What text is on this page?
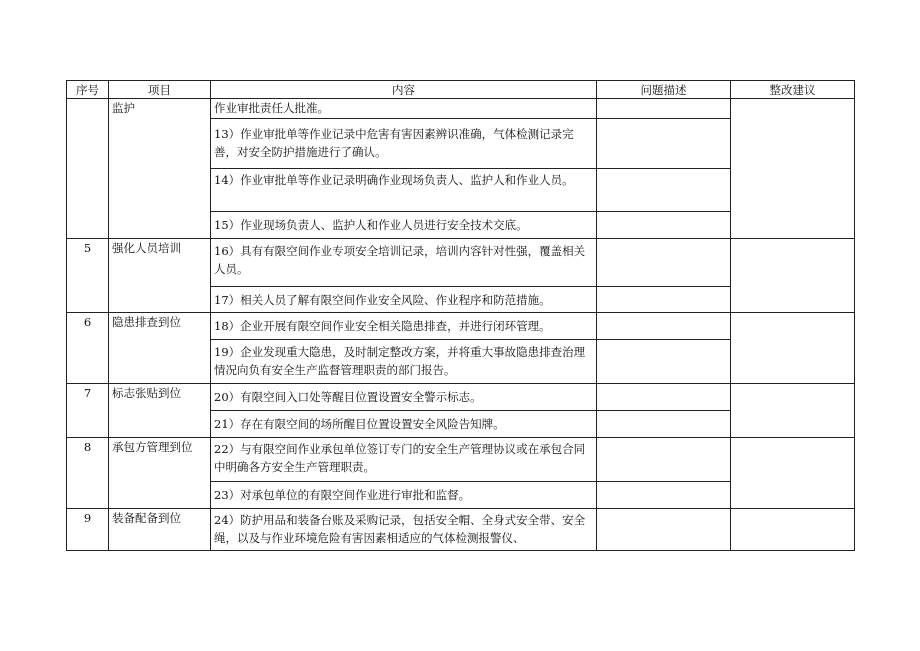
序号	项目	内容	问题描述	整改建议
	监护	作业审批责任人批准。		
		13）作业审批单等作业记录中危害有害因素辨识准确，气体检测记录完善，对安全防护措施进行了确认。		
		14）作业审批单等作业记录明确作业现场负责人、监护人和作业人员。		
		15）作业现场负责人、监护人和作业人员进行安全技术交底。		
5	强化人员培训	16）具有有限空间作业专项安全培训记录，培训内容针对性强，覆盖相关人员。		
		17）相关人员了解有限空间作业安全风险、作业程序和防范措施。		
6	隐患排查到位	18）企业开展有限空间作业安全相关隐患排查，并进行闭环管理。		
		19）企业发现重大隐患，及时制定整改方案，并将重大事故隐患排查治理情况向负有安全生产监督管理职责的部门报告。		
7	标志张贴到位	20）有限空间入口处等醒目位置设置安全警示标志。		
		21）存在有限空间的场所醒目位置设置安全风险告知牌。		
8	承包方管理到位	22）与有限空间作业承包单位签订专门的安全生产管理协议或在承包合同中明确各方安全生产管理职责。		
		23）对承包单位的有限空间作业进行审批和监督。		
9	装备配备到位	24）防护用品和装备台账及采购记录，包括安全帽、全身式安全带、安全绳，以及与作业环境危险有害因素相适应的气体检测报警仪、		
